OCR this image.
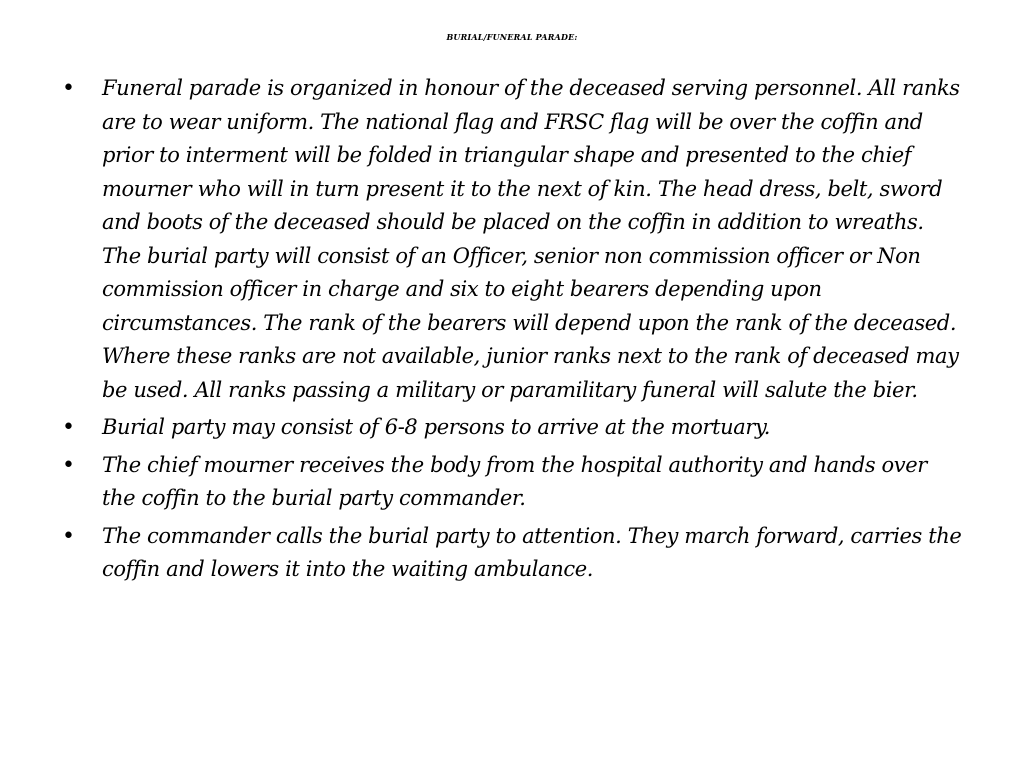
BURIAL/FUNERAL PARADE:
• Funeral parade is organized in honour of the deceased serving personnel. All ranks are to wear uniform. The national flag and FRSC flag will be over the coffin and prior to interment will be folded in triangular shape and presented to the chief mourner who will in turn present it to the next of kin. The head dress, belt, sword and boots of the deceased should be placed on the coffin in addition to wreaths. The burial party will consist of an Officer, senior non commission officer or Non commission officer in charge and six to eight bearers depending upon circumstances. The rank of the bearers will depend upon the rank of the deceased. Where these ranks are not available, junior ranks next to the rank of deceased may be used. All ranks passing a military or paramilitary funeral will salute the bier.
• Burial party may consist of 6-8 persons to arrive at the mortuary.
• The chief mourner receives the body from the hospital authority and hands over the coffin to the burial party commander.
• The commander calls the burial party to attention. They march forward, carries the coffin and lowers it into the waiting ambulance.
